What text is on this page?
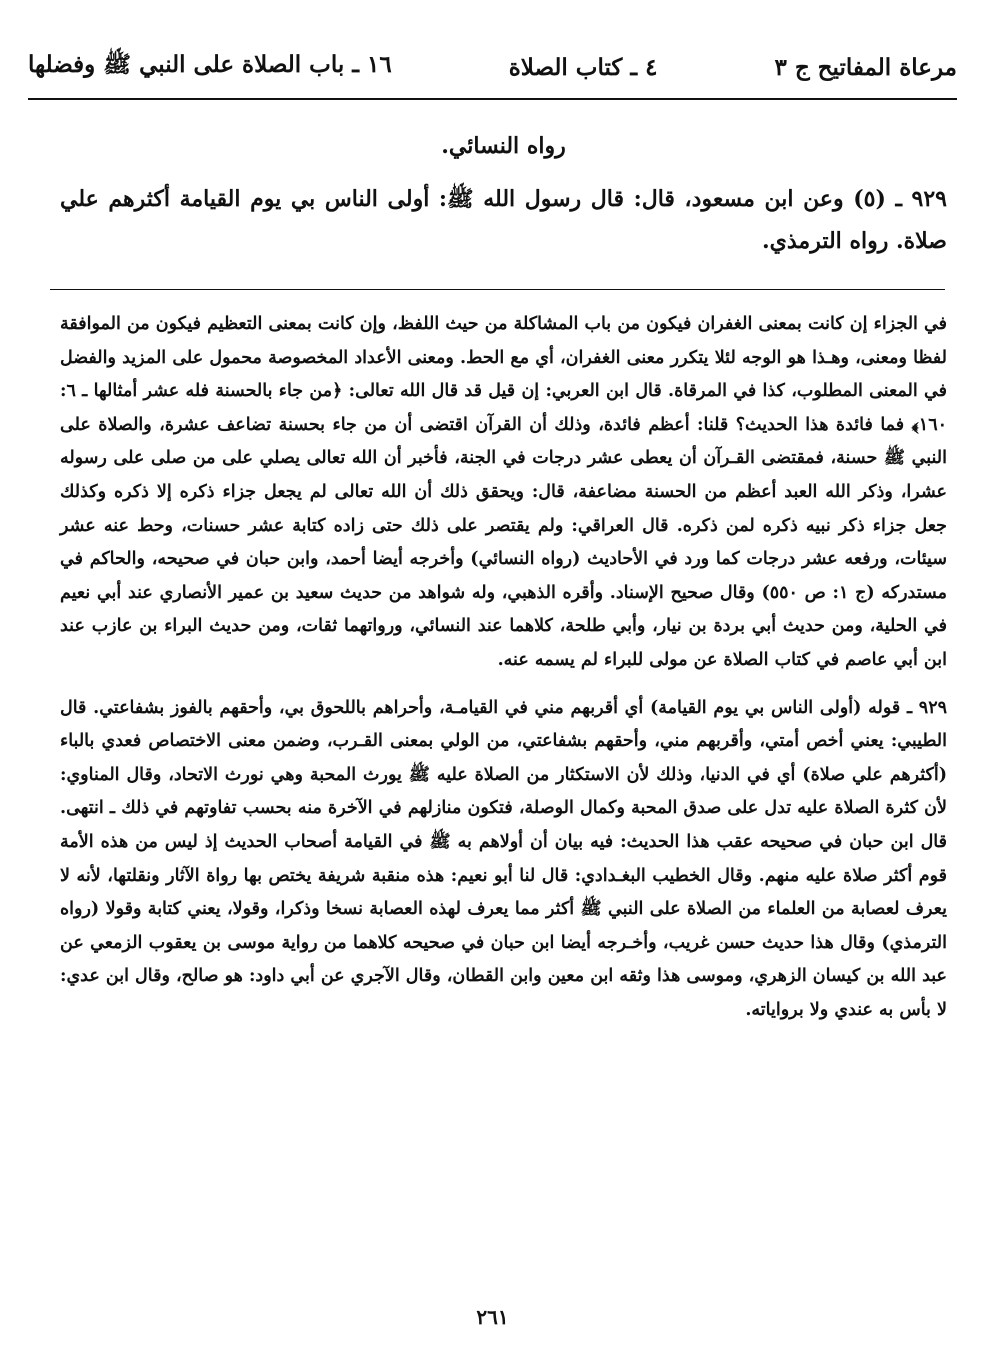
مرعاة المفاتيح ج ٣
٤ ـ كتاب الصلاة
١٦ ـ باب الصلاة على النبي ﷺ وفضلها
رواه النسائي.
٩٢٩ ـ (٥) وعن ابن مسعود، قال: قال رسول الله ﷺ: أولى الناس بي يوم القيامة أكثرهم علي صلاة. رواه الترمذي.

في الجزاء إن كانت بمعنى الغفران فيكون من باب المشاكلة من حيث اللفظ، وإن كانت بمعنى التعظيم فيكون من الموافقة لفظا ومعنى، وهـذا هو الوجه لئلا يتكرر معنى الغفران، أي مع الحط. ومعنى الأعداد المخصوصة محمول على المزيد والفضل في المعنى المطلوب، كذا في المرقاة. قال ابن العربي: إن قيل قد قال الله تعالى: ﴿من جاء بالحسنة فله عشر أمثالها ـ ٦: ١٦٠﴾ فما فائدة هذا الحديث؟ قلنا: أعظم فائدة، وذلك أن القرآن اقتضى أن من جاء بحسنة تضاعف عشرة، والصلاة على النبي ﷺ حسنة، فمقتضى القـرآن أن يعطى عشر درجات في الجنة، فأخبر أن الله تعالى يصلي على من صلى على رسوله عشرا، وذكر الله العبد أعظم من الحسنة مضاعفة، قال: ويحقق ذلك أن الله تعالى لم يجعل جزاء ذكره إلا ذكره وكذلك جعل جزاء ذكر نبيه ذكره لمن ذكره. قال العراقي: ولم يقتصر على ذلك حتى زاده كتابة عشر حسنات، وحط عنه عشر سيئات، ورفعه عشر درجات كما ورد في الأحاديث (رواه النسائي) وأخرجه أيضا أحمد، وابن حبان في صحيحه، والحاكم في مستدركه (ج ١: ص ٥٥٠) وقال صحيح الإسناد. وأقره الذهبي، وله شواهد من حديث سعيد بن عمير الأنصاري عند أبي نعيم في الحلية، ومن حديث أبي بردة بن نيار، وأبي طلحة، كلاهما عند النسائي، ورواتهما ثقات، ومن حديث البراء بن عازب عند ابن أبي عاصم في كتاب الصلاة عن مولى للبراء لم يسمه عنه.

٩٢٩ ـ قوله (أولى الناس بي يوم القيامة) أي أقربهم مني في القيامـة، وأحراهم باللحوق بي، وأحقهم بالفوز بشفاعتي. قال الطيبي: يعني أخص أمتي، وأقربهم مني، وأحقهم بشفاعتي، من الولي بمعنى القـرب، وضمن معنى الاختصاص فعدي بالباء (أكثرهم علي صلاة) أي في الدنيا، وذلك لأن الاستكثار من الصلاة عليه ﷺ يورث المحبة وهي نورث الاتحاد، وقال المناوي: لأن كثرة الصلاة عليه تدل على صدق المحبة وكمال الوصلة، فتكون منازلهم في الآخرة منه بحسب تفاوتهم في ذلك ـ انتهى. قال ابن حبان في صحيحه عقب هذا الحديث: فيه بيان أن أولاهم به ﷺ في القيامة أصحاب الحديث إذ ليس من هذه الأمة قوم أكثر صلاة عليه منهم. وقال الخطيب البغـدادي: قال لنا أبو نعيم: هذه منقبة شريفة يختص بها رواة الآثار ونقلتها، لأنه لا يعرف لعصابة من العلماء من الصلاة على النبي ﷺ أكثر مما يعرف لهذه العصابة نسخا وذكرا، وقولا، يعني كتابة وقولا (رواه الترمذي) وقال هذا حديث حسن غريب، وأخـرجه أيضا ابن حبان في صحيحه كلاهما من رواية موسى بن يعقوب الزمعي عن عبد الله بن كيسان الزهري، وموسى هذا وثقه ابن معين وابن القطان، وقال الآجري عن أبي داود: هو صالح، وقال ابن عدي: لا بأس به عندي ولا برواياته.

٢٦١
